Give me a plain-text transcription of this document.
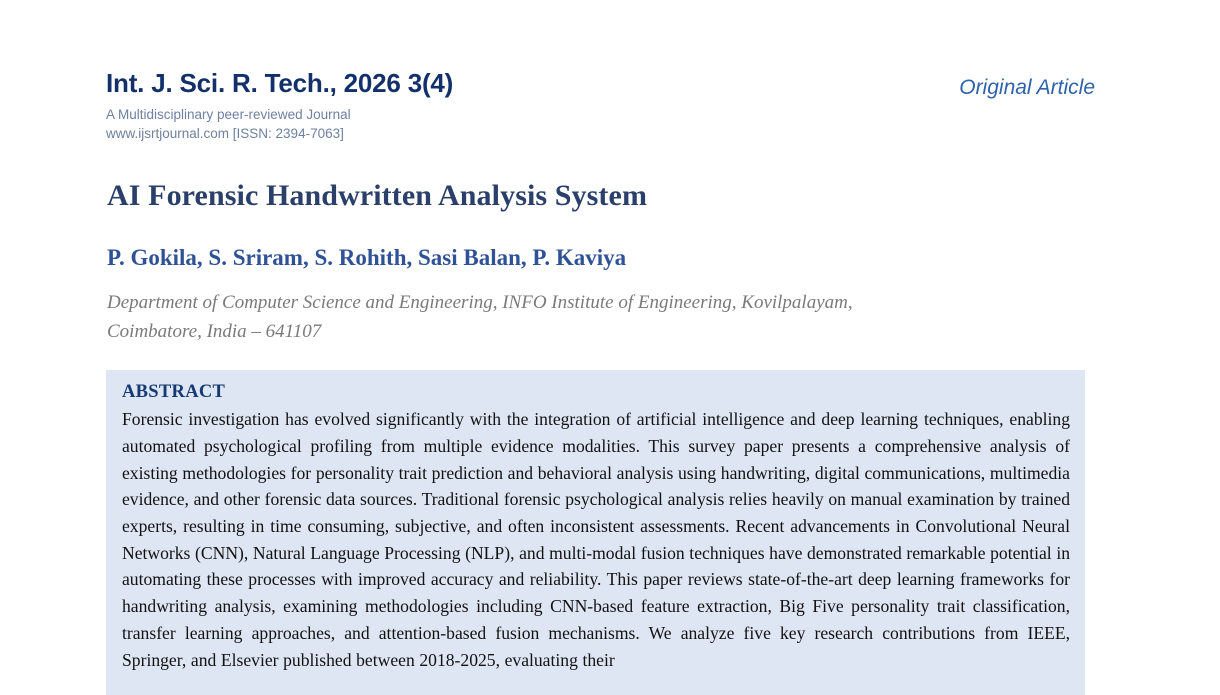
Int. J. Sci. R. Tech., 2026 3(4)
A Multidisciplinary peer-reviewed Journal
www.ijsrtjournal.com [ISSN: 2394-7063]
Original Article
AI Forensic Handwritten Analysis System
P. Gokila, S. Sriram, S. Rohith, Sasi Balan, P. Kaviya
Department of Computer Science and Engineering, INFO Institute of Engineering, Kovilpalayam,
Coimbatore, India – 641107
ABSTRACT

Forensic investigation has evolved significantly with the integration of artificial intelligence and deep learning techniques, enabling automated psychological profiling from multiple evidence modalities. This survey paper presents a comprehensive analysis of existing methodologies for personality trait prediction and behavioral analysis using handwriting, digital communications, multimedia evidence, and other forensic data sources. Traditional forensic psychological analysis relies heavily on manual examination by trained experts, resulting in time consuming, subjective, and often inconsistent assessments. Recent advancements in Convolutional Neural Networks (CNN), Natural Language Processing (NLP), and multi-modal fusion techniques have demonstrated remarkable potential in automating these processes with improved accuracy and reliability. This paper reviews state-of-the-art deep learning frameworks for handwriting analysis, examining methodologies including CNN-based feature extraction, Big Five personality trait classification, transfer learning approaches, and attention-based fusion mechanisms. We analyze five key research contributions from IEEE, Springer, and Elsevier published between 2018-2025, evaluating their
